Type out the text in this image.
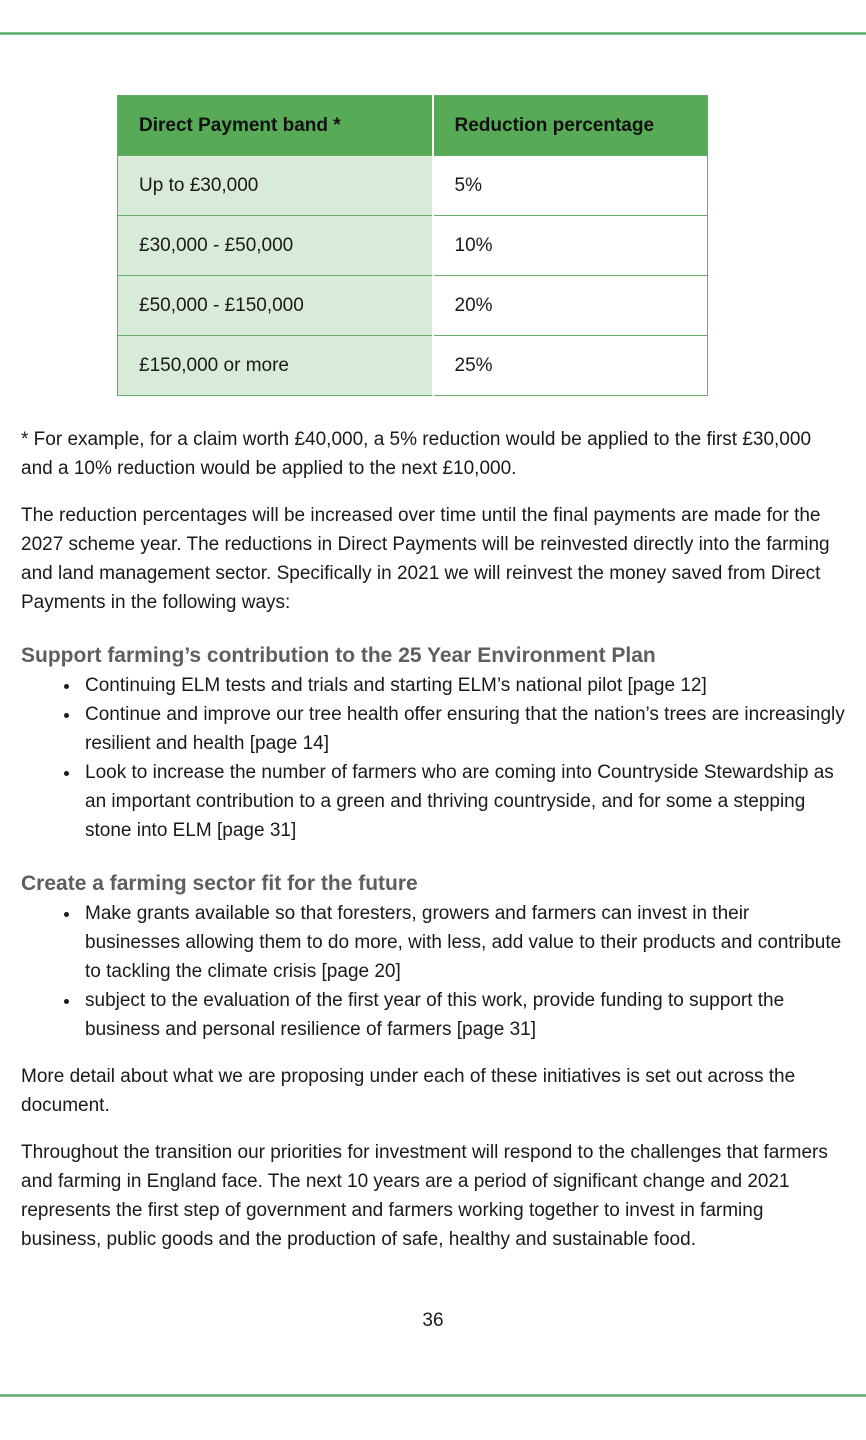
Direct Payment band *	Reduction percentage
Up to £30,000	5%
£30,000 - £50,000	10%
£50,000 - £150,000	20%
£150,000 or more	25%

* For example, for a claim worth £40,000, a 5% reduction would be applied to the first £30,000 and a 10% reduction would be applied to the next £10,000.

The reduction percentages will be increased over time until the final payments are made for the 2027 scheme year. The reductions in Direct Payments will be reinvested directly into the farming and land management sector. Specifically in 2021 we will reinvest the money saved from Direct Payments in the following ways:

Support farming’s contribution to the 25 Year Environment Plan
• Continuing ELM tests and trials and starting ELM’s national pilot [page 12]
• Continue and improve our tree health offer ensuring that the nation’s trees are increasingly resilient and health [page 14]
• Look to increase the number of farmers who are coming into Countryside Stewardship as an important contribution to a green and thriving countryside, and for some a stepping stone into ELM [page 31]
Create a farming sector fit for the future
• Make grants available so that foresters, growers and farmers can invest in their businesses allowing them to do more, with less, add value to their products and contribute to tackling the climate crisis [page 20]
• subject to the evaluation of the first year of this work, provide funding to support the business and personal resilience of farmers [page 31]

More detail about what we are proposing under each of these initiatives is set out across the document.

Throughout the transition our priorities for investment will respond to the challenges that farmers and farming in England face. The next 10 years are a period of significant change and 2021 represents the first step of government and farmers working together to invest in farming business, public goods and the production of safe, healthy and sustainable food.

36
